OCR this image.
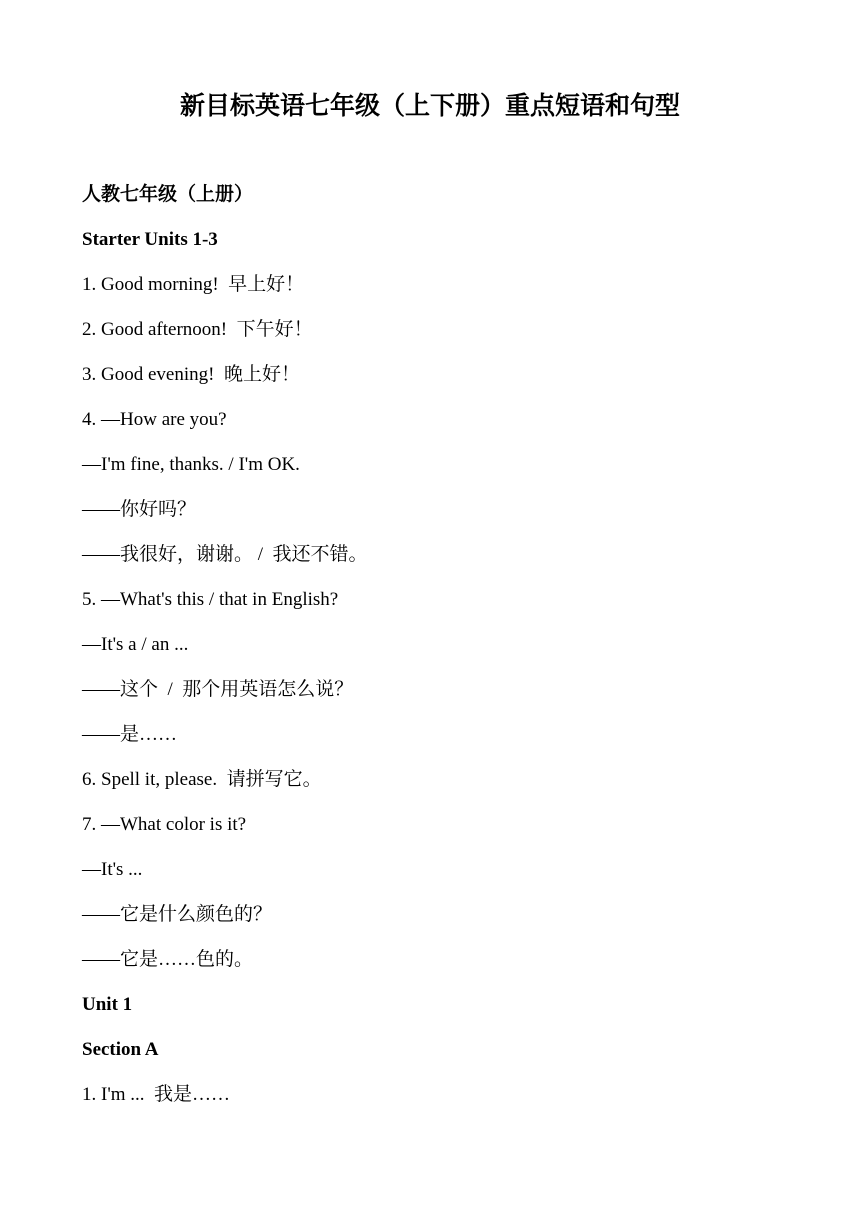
新目标英语七年级（上下册）重点短语和句型
人教七年级（上册）
Starter Units 1-3
1. Good morning!  早上好！
2. Good afternoon!  下午好！
3. Good evening!  晚上好！
4. —How are you?
—I'm fine, thanks. / I'm OK.
——你好吗？
——我很好，谢谢。 /  我还不错。
5. —What's this / that in English?
—It's a / an ...
——这个  /  那个用英语怎么说？
——是……
6. Spell it, please.  请拼写它。
7. —What color is it?
—It's ...
——它是什么颜色的？
——它是……色的。
Unit 1
Section A
1. I'm ...  我是……
